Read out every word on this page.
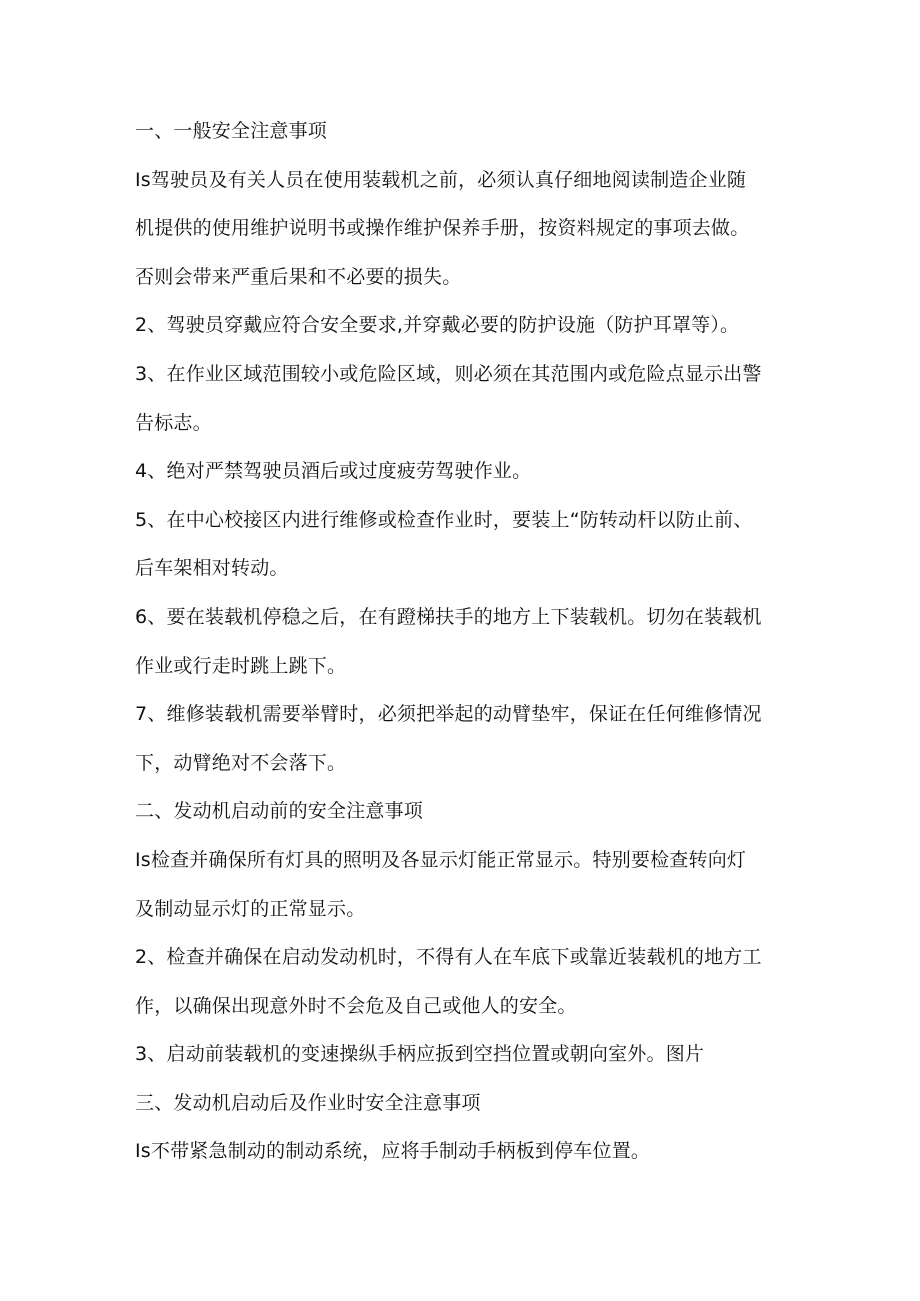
一、一般安全注意事项
Is驾驶员及有关人员在使用装载机之前，必须认真仔细地阅读制造企业随
机提供的使用维护说明书或操作维护保养手册，按资料规定的事项去做。
否则会带来严重后果和不必要的损失。
2、驾驶员穿戴应符合安全要求,并穿戴必要的防护设施（防护耳罩等）。
3、在作业区域范围较小或危险区域，则必须在其范围内或危险点显示出警
告标志。
4、绝对严禁驾驶员酒后或过度疲劳驾驶作业。
5、在中心校接区内进行维修或检查作业时，要装上“防转动杆以防止前、
后车架相对转动。
6、要在装载机停稳之后，在有蹬梯扶手的地方上下装载机。切勿在装载机
作业或行走时跳上跳下。
7、维修装载机需要举臂时，必须把举起的动臂垫牢，保证在任何维修情况
下，动臂绝对不会落下。
二、发动机启动前的安全注意事项
Is检查并确保所有灯具的照明及各显示灯能正常显示。特别要检查转向灯
及制动显示灯的正常显示。
2、检查并确保在启动发动机时，不得有人在车底下或靠近装载机的地方工
作，以确保出现意外时不会危及自己或他人的安全。
3、启动前装载机的变速操纵手柄应扳到空挡位置或朝向室外。图片
三、发动机启动后及作业时安全注意事项
Is不带紧急制动的制动系统，应将手制动手柄板到停车位置。
